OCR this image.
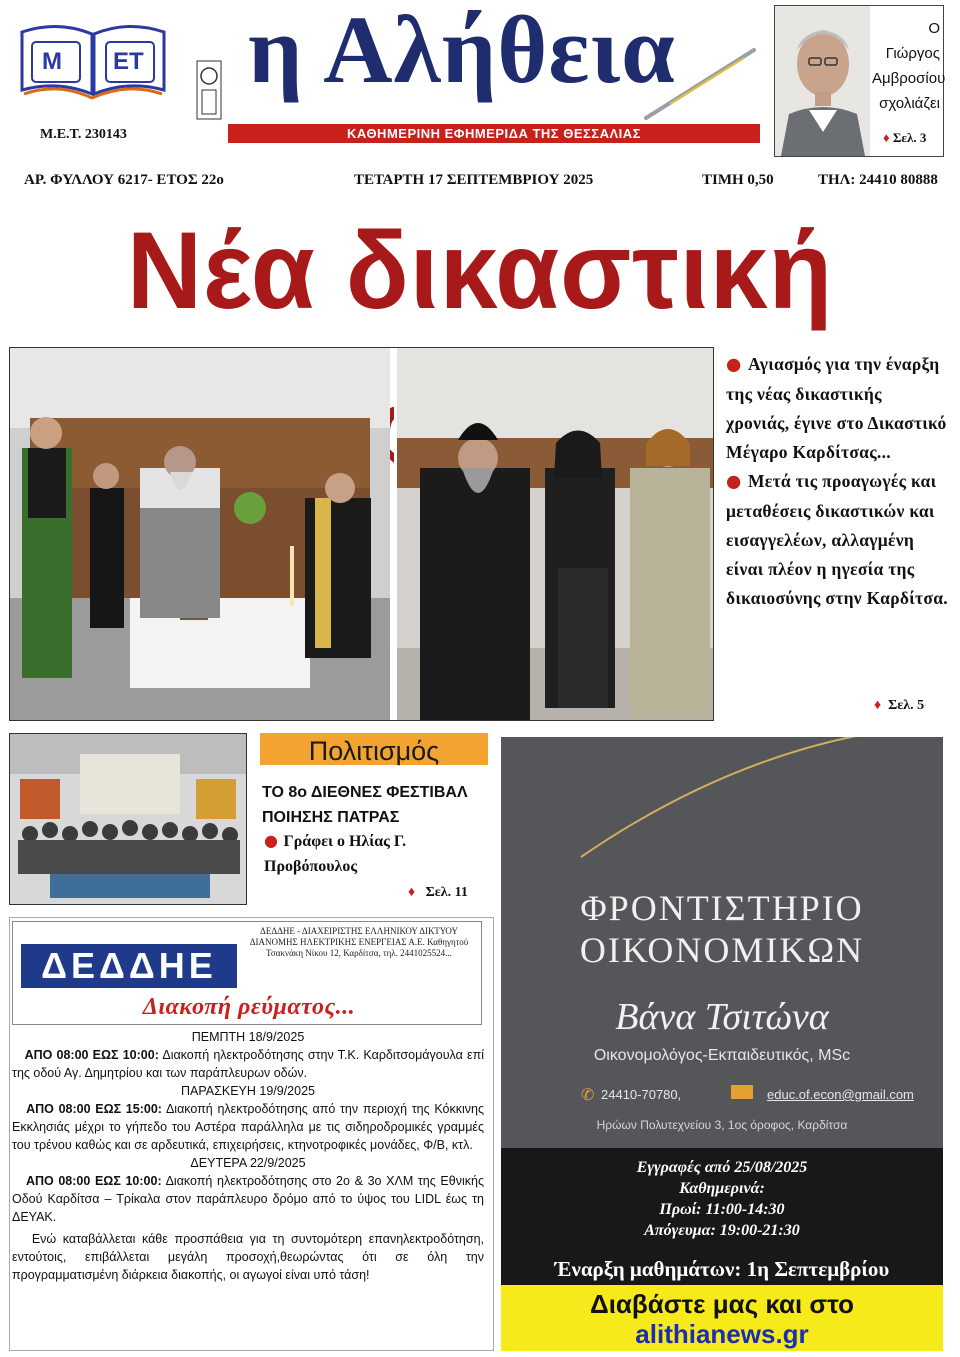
Μ ΕΤ
Μ.Ε.Τ. 230143
η Αλήθεια
ΚΑΘΗΜΕΡΙΝΗ ΕΦΗΜΕΡΙΔΑ ΤΗΣ ΘΕΣΣΑΛΙΑΣ
Ο Γιώργος
Αμβροσίου
σχολιάζει
♦ Σελ. 3
ΑΡ. ΦΥΛΛΟΥ 6217- ΕΤΟΣ 22ο	ΤΕΤΑΡΤΗ 17 ΣΕΠΤΕΜΒΡΙΟΥ 2025	ΤΙΜΗ 0,50	ΤΗΛ: 24410 80888
Νέα δικαστική
● Αγιασμός για την έναρξη της νέας δικαστικής χρονιάς, έγινε στο Δικαστικό Μέγαρο Καρδίτσας...
● Μετά τις προαγωγές και μεταθέσεις δικαστικών και εισαγγελέων, αλλαγμένη είναι πλέον η ηγεσία της δικαιοσύνης στην Καρδίτσα.
♦ Σελ. 5
Πολιτισμός
ΤΟ 8ο ΔΙΕΘΝΕΣ ΦΕΣΤΙΒΑΛ ΠΟΙΗΣΗΣ ΠΑΤΡΑΣ
● Γράφει ο Ηλίας Γ. Προβόπουλος
♦ Σελ. 11
ΔΕΔΔΗΕ
ΔΕΔΔΗΕ - ΔΙΑΧΕΙΡΙΣΤΗΣ ΕΛΛΗΝΙΚΟΥ ΔΙΚΤΥΟΥ ΔΙΑΝΟΜΗΣ ΗΛΕΚΤΡΙΚΗΣ ΕΝΕΡΓΕΙΑΣ Α.Ε. Καθηγητού Τσακνάκη Νίκου 12, Καρδίτσα, τηλ. 2441025524...
Διακοπή ρεύματος...

ΠΕΜΠΤΗ 18/9/2025

ΑΠΟ 08:00 ΕΩΣ 10:00: Διακοπή ηλεκτροδότησης στην Τ.Κ. Καρδιτσομάγουλα επί της οδού Αγ. Δημητρίου και των παράπλευρων οδών.

ΠΑΡΑΣΚΕΥΗ 19/9/2025

ΑΠΟ 08:00 ΕΩΣ 15:00: Διακοπή ηλεκτροδότησης από την περιοχή της Κόκκινης Εκκλησιάς μέχρι το γήπεδο του Αστέρα παράλληλα με τις σιδηροδρομικές γραμμές του τρένου καθώς και σε αρδευτικά, επιχειρήσεις, κτηνοτροφικές μονάδες, Φ/Β, κτλ.

ΔΕΥΤΕΡΑ 22/9/2025

ΑΠΟ 08:00 ΕΩΣ 10:00: Διακοπή ηλεκτροδότησης στο 2ο & 3ο ΧΛΜ της Εθνικής Οδού Καρδίτσα – Τρίκαλα στον παράπλευρο δρόμο από το ύψος του LIDL έως τη ΔΕΥΑΚ.

Ενώ καταβάλλεται κάθε προσπάθεια για τη συντομότερη επανηλεκτροδότηση, εντούτοις, επιβάλλεται μεγάλη προσοχή,θεωρώντας ότι σε όλη την προγραμματισμένη διάρκεια διακοπής, οι αγωγοί είναι υπό τάση!

ΦΡΟΝΤΙΣΤΗΡΙΟ
ΟΙΚΟΝΟΜΙΚΩΝ
Βάνα Τσιτώνα
Οικονομολόγος-Εκπαιδευτικός, MSc
✆ 24410-70780,	educ.of.econ@gmail.com
Ηρώων Πολυτεχνείου 3, 1ος όροφος, Καρδίτσα
Εγγραφές από 25/08/2025
Καθημερινά:
Πρωί: 11:00-14:30
Απόγευμα: 19:00-21:30
Έναρξη μαθημάτων: 1η Σεπτεμβρίου
Διαβάστε μας και στο
alithianews.gr
